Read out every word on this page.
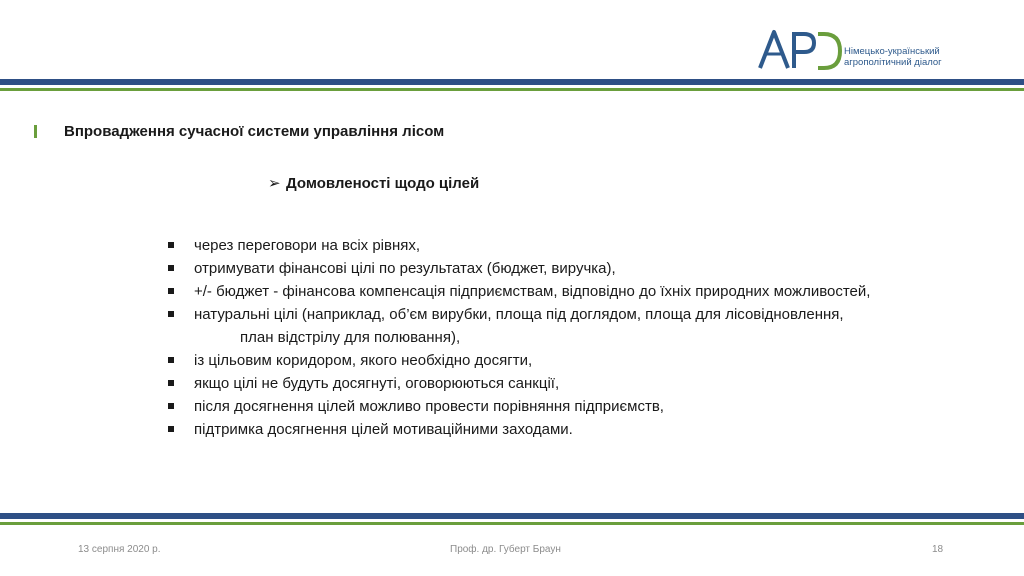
Німецько-український
агрополітичний діалог
Впровадження сучасної системи управління лісом
➢ Домовленості щодо цілей
через переговори на всіх рівнях,
отримувати фінансові цілі по результатах (бюджет, виручка),
+/- бюджет - фінансова компенсація підприємствам, відповідно до їхніх природних можливостей,
натуральні цілі (наприклад, об’єм вирубки, площа під доглядом, площа для лісовідновлення,
план відстрілу для полювання),
із цільовим коридором, якого необхідно досягти,
якщо цілі не будуть досягнуті, оговорюються санкції,
після досягнення цілей можливо провести порівняння підприємств,
підтримка досягнення цілей мотиваційними заходами.
13 серпня 2020 р.	Проф. др. Губерт Браун	18
